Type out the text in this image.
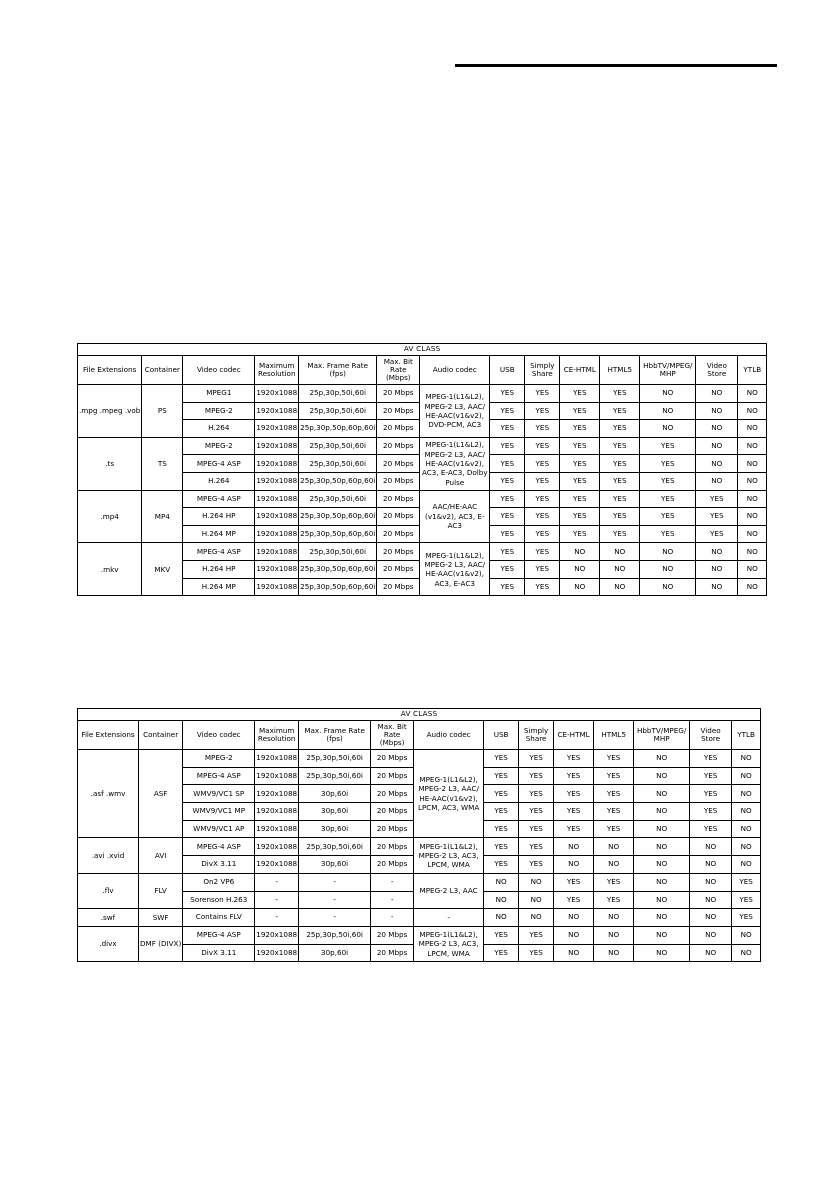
AV CLASS													
File Extensions	Container	Video codec	Maximum Resolution	Max. Frame Rate (fps)	Max. Bit Rate (Mbps)	Audio codec	USB	Simply Share	CE-HTML	HTML5	HbbTV/MPEG/ MHP	Video Store	YTLB
.mpg .mpeg .vob	PS	MPEG1	1920x1088	25p,30p,50i,60i	20 Mbps	MPEG-1(L1&L2), MPEG-2 L3, AAC/ HE-AAC(v1&v2), DVD-PCM, AC3	YES	YES	YES	YES	NO	NO	NO
		MPEG-2	1920x1088	25p,30p,50i,60i	20 Mbps		YES	YES	YES	YES	NO	NO	NO
		H.264	1920x1088	25p,30p,50p,60p,60i	20 Mbps		YES	YES	YES	YES	NO	NO	NO
.ts	TS	MPEG-2	1920x1088	25p,30p,50i,60i	20 Mbps	MPEG-1(L1&L2), MPEG-2 L3, AAC/ HE-AAC(v1&v2), AC3, E-AC3, Dolby Pulse	YES	YES	YES	YES	YES	NO	NO
		MPEG-4 ASP	1920x1088	25p,30p,50i,60i	20 Mbps		YES	YES	YES	YES	YES	NO	NO
		H.264	1920x1088	25p,30p,50p,60p,60i	20 Mbps		YES	YES	YES	YES	YES	NO	NO
.mp4	MP4	MPEG-4 ASP	1920x1088	25p,30p,50i,60i	20 Mbps	AAC/HE-AAC (v1&v2), AC3, E-AC3	YES	YES	YES	YES	YES	YES	NO
		H.264 HP	1920x1088	25p,30p,50p,60p,60i	20 Mbps		YES	YES	YES	YES	YES	YES	NO
		H.264 MP	1920x1088	25p,30p,50p,60p,60i	20 Mbps		YES	YES	YES	YES	YES	YES	NO
.mkv	MKV	MPEG-4 ASP	1920x1088	25p,30p,50i,60i	20 Mbps	MPEG-1(L1&L2), MPEG-2 L3, AAC/ HE-AAC(v1&v2), AC3, E-AC3	YES	YES	NO	NO	NO	NO	NO
		H.264 HP	1920x1088	25p,30p,50p,60p,60i	20 Mbps		YES	YES	NO	NO	NO	NO	NO
		H.264 MP	1920x1088	25p,30p,50p,60p,60i	20 Mbps		YES	YES	NO	NO	NO	NO	NO
AV CLASS													
File Extensions	Container	Video codec	Maximum Resolution	Max. Frame Rate (fps)	Max. Bit Rate (Mbps)	Audio codec	USB	Simply Share	CE-HTML	HTML5	HbbTV/MPEG/ MHP	Video Store	YTLB
.asf .wmv	ASF	MPEG-2	1920x1088	25p,30p,50i,60i	20 Mbps	MPEG-1(L1&L2), MPEG-2 L3, AAC/ HE-AAC(v1&v2), LPCM, AC3, WMA	YES	YES	YES	YES	NO	YES	NO
		MPEG-4 ASP	1920x1088	25p,30p,50i,60i	20 Mbps		YES	YES	YES	YES	NO	YES	NO
		WMV9/VC1 SP	1920x1088	30p,60i	20 Mbps		YES	YES	YES	YES	NO	YES	NO
		WMV9/VC1 MP	1920x1088	30p,60i	20 Mbps		YES	YES	YES	YES	NO	YES	NO
		WMV9/VC1 AP	1920x1088	30p,60i	20 Mbps		YES	YES	YES	YES	NO	YES	NO
.avi .xvid	AVI	MPEG-4 ASP	1920x1088	25p,30p,50i,60i	20 Mbps	MPEG-1(L1&L2), MPEG-2 L3, AC3, LPCM, WMA	YES	YES	NO	NO	NO	NO	NO
		DivX 3.11	1920x1088	30p,60i	20 Mbps		YES	YES	NO	NO	NO	NO	NO
.flv	FLV	On2 VP6	-	-	-	MPEG-2 L3, AAC	NO	NO	YES	YES	NO	NO	YES
		Sorenson H.263	-	-	-		NO	NO	YES	YES	NO	NO	YES
.swf	SWF	Contains FLV	-	-	-	-	NO	NO	NO	NO	NO	NO	YES
.divx	DMF (DIVX)	MPEG-4 ASP	1920x1088	25p,30p,50i,60i	20 Mbps	MPEG-1(L1&L2), MPEG-2 L3, AC3, LPCM, WMA	YES	YES	NO	NO	NO	NO	NO
		DivX 3.11	1920x1088	30p,60i	20 Mbps		YES	YES	NO	NO	NO	NO	NO
